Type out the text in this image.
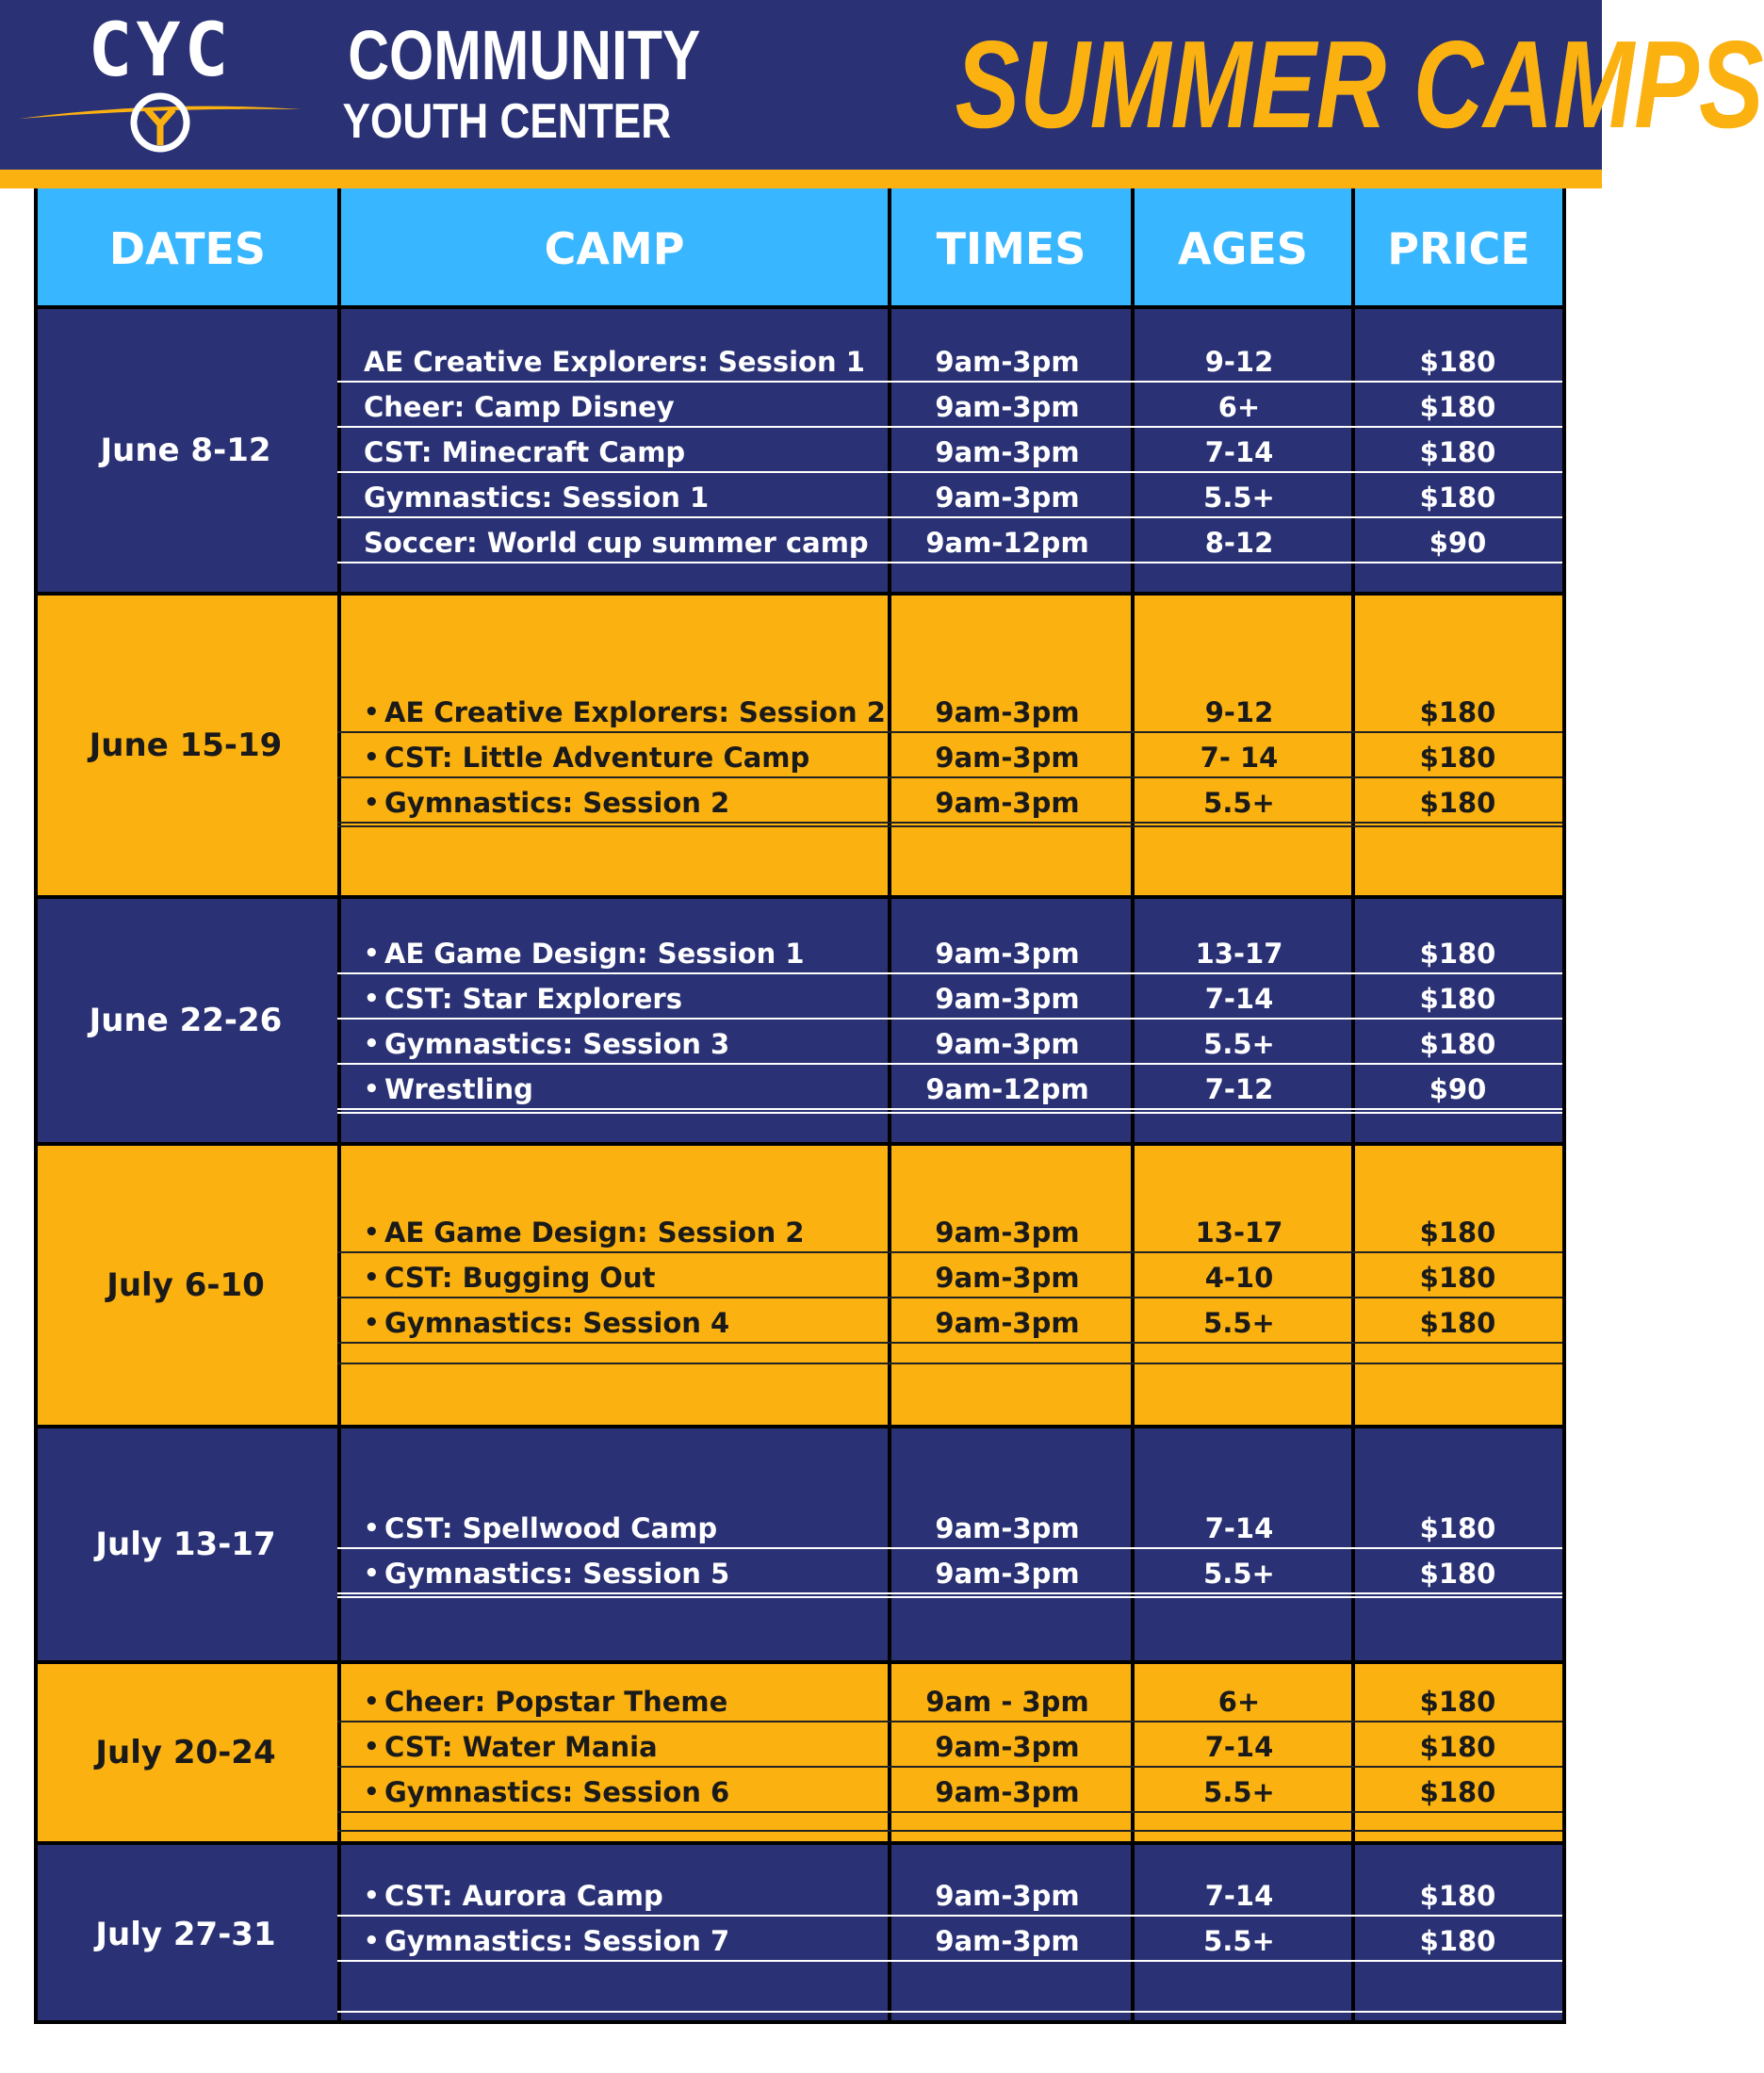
CYC	COMMUNITY
YOUTH CENTER SUMMER CAMPS
DATES	CAMP	TIMES	AGES	PRICE
June 8-12
AE Creative Explorers: Session 1	9am-3pm	9-12	$180
Cheer: Camp Disney	9am-3pm	6+	$180
CST: Minecraft Camp	9am-3pm	7-14	$180
Gymnastics: Session 1	9am-3pm	5.5+	$180
Soccer: World cup summer camp	9am-12pm	8-12	$90
June 15-19
• AE Creative Explorers: Session 2	9am-3pm	9-12	$180
• CST: Little Adventure Camp	9am-3pm	7- 14	$180
• Gymnastics: Session 2	9am-3pm	5.5+	$180
June 22-26
• AE Game Design: Session 1	9am-3pm	13-17	$180
• CST: Star Explorers	9am-3pm	7-14	$180
• Gymnastics: Session 3	9am-3pm	5.5+	$180
• Wrestling	9am-12pm	7-12	$90
July 6-10
• AE Game Design: Session 2	9am-3pm	13-17	$180
• CST: Bugging Out	9am-3pm	4-10	$180
• Gymnastics: Session 4	9am-3pm	5.5+	$180
July 13-17
•	CST: Spellwood Camp	9am-3pm	7-14	$180
• Gymnastics: Session 5	9am-3pm	5.5+	$180
July 20-24
• Cheer: Popstar Theme	9am - 3pm	6+	$180
• CST: Water Mania	9am-3pm	7-14	$180
• Gymnastics: Session 6	9am-3pm	5.5+	$180
July 27-31
• CST: Aurora Camp	9am-3pm	7-14	$180
• Gymnastics: Session 7	9am-3pm	5.5+	$180
